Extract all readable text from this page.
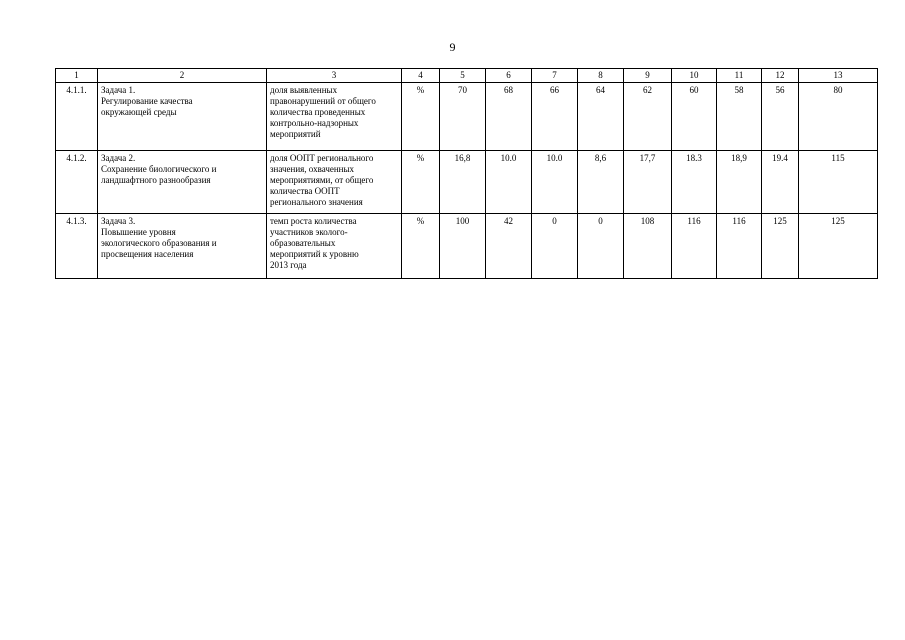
9
1	2	3	4	5	6	7	8	9	10	11	12	13
4.1.1.	Задача 1.
Регулирование качества
окружающей среды	доля выявленных
правонарушений от общего
количества проведенных
контрольно-надзорных
мероприятий	%	70	68	66	64	62	60	58	56	80
4.1.2.	Задача 2.
Сохранение биологического и
ландшафтного разнообразия	доля ООПТ регионального
значения, охваченных
мероприятиями, от общего
количества ООПТ
регионального значения	%	16,8	10.0	10.0	8,6	17,7	18.3	18,9	19.4	115
4.1.3.	Задача 3.
Повышение уровня
экологического образования и
просвещения населения	темп роста количества
участников эколого-
образовательных
мероприятий к уровню
2013 года	%	100	42	0	0	108	116	116	125	125
